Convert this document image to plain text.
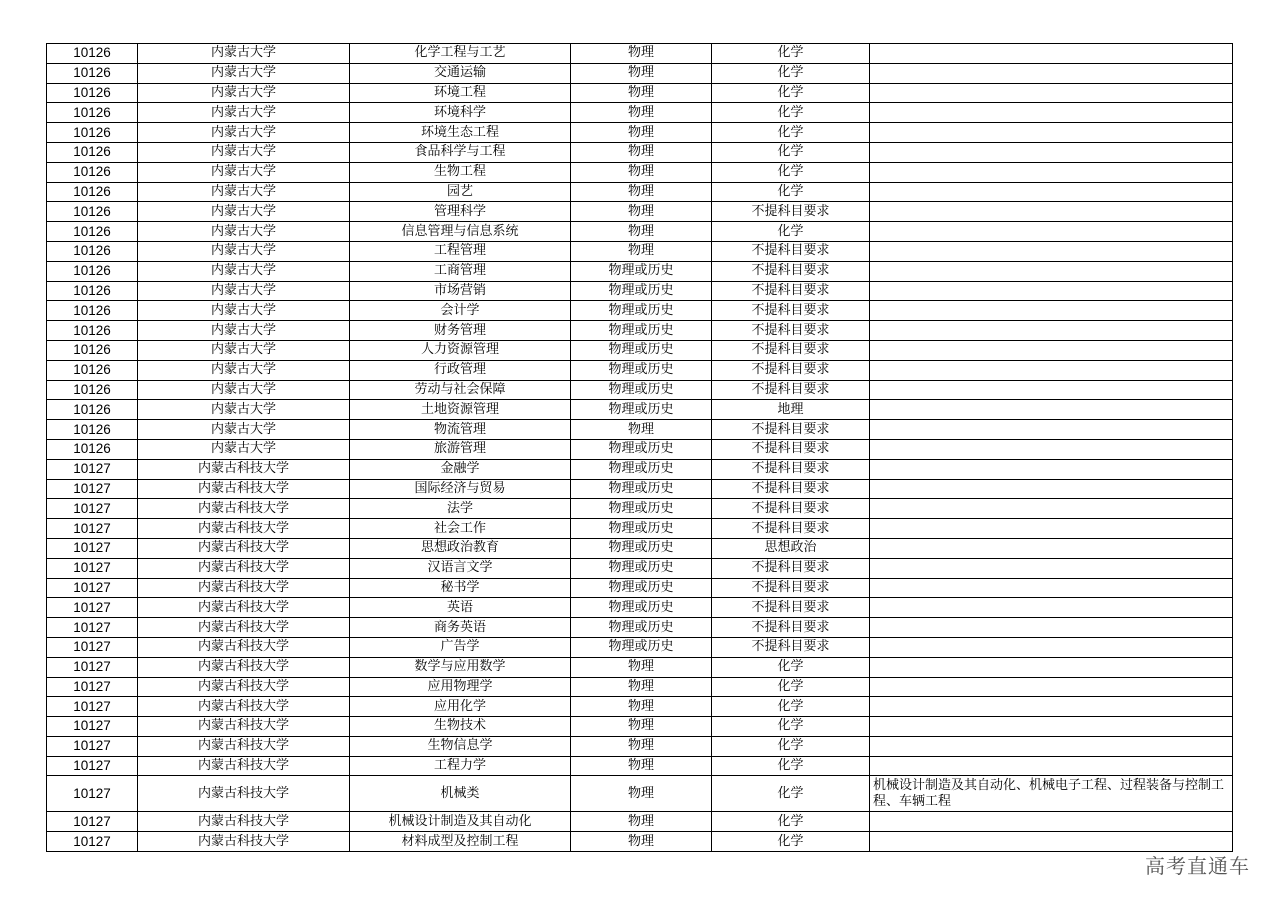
10126	内蒙古大学	化学工程与工艺	物理	化学	
10126	内蒙古大学	交通运输	物理	化学	
10126	内蒙古大学	环境工程	物理	化学	
10126	内蒙古大学	环境科学	物理	化学	
10126	内蒙古大学	环境生态工程	物理	化学	
10126	内蒙古大学	食品科学与工程	物理	化学	
10126	内蒙古大学	生物工程	物理	化学	
10126	内蒙古大学	园艺	物理	化学	
10126	内蒙古大学	管理科学	物理	不提科目要求	
10126	内蒙古大学	信息管理与信息系统	物理	化学	
10126	内蒙古大学	工程管理	物理	不提科目要求	
10126	内蒙古大学	工商管理	物理或历史	不提科目要求	
10126	内蒙古大学	市场营销	物理或历史	不提科目要求	
10126	内蒙古大学	会计学	物理或历史	不提科目要求	
10126	内蒙古大学	财务管理	物理或历史	不提科目要求	
10126	内蒙古大学	人力资源管理	物理或历史	不提科目要求	
10126	内蒙古大学	行政管理	物理或历史	不提科目要求	
10126	内蒙古大学	劳动与社会保障	物理或历史	不提科目要求	
10126	内蒙古大学	土地资源管理	物理或历史	地理	
10126	内蒙古大学	物流管理	物理	不提科目要求	
10126	内蒙古大学	旅游管理	物理或历史	不提科目要求	
10127	内蒙古科技大学	金融学	物理或历史	不提科目要求	
10127	内蒙古科技大学	国际经济与贸易	物理或历史	不提科目要求	
10127	内蒙古科技大学	法学	物理或历史	不提科目要求	
10127	内蒙古科技大学	社会工作	物理或历史	不提科目要求	
10127	内蒙古科技大学	思想政治教育	物理或历史	思想政治	
10127	内蒙古科技大学	汉语言文学	物理或历史	不提科目要求	
10127	内蒙古科技大学	秘书学	物理或历史	不提科目要求	
10127	内蒙古科技大学	英语	物理或历史	不提科目要求	
10127	内蒙古科技大学	商务英语	物理或历史	不提科目要求	
10127	内蒙古科技大学	广告学	物理或历史	不提科目要求	
10127	内蒙古科技大学	数学与应用数学	物理	化学	
10127	内蒙古科技大学	应用物理学	物理	化学	
10127	内蒙古科技大学	应用化学	物理	化学	
10127	内蒙古科技大学	生物技术	物理	化学	
10127	内蒙古科技大学	生物信息学	物理	化学	
10127	内蒙古科技大学	工程力学	物理	化学	
10127	内蒙古科技大学	机械类	物理	化学	机械设计制造及其自动化、机械电子工程、过程装备与控制工程、车辆工程
10127	内蒙古科技大学	机械设计制造及其自动化	物理	化学	
10127	内蒙古科技大学	材料成型及控制工程	物理	化学	
高考直通车
